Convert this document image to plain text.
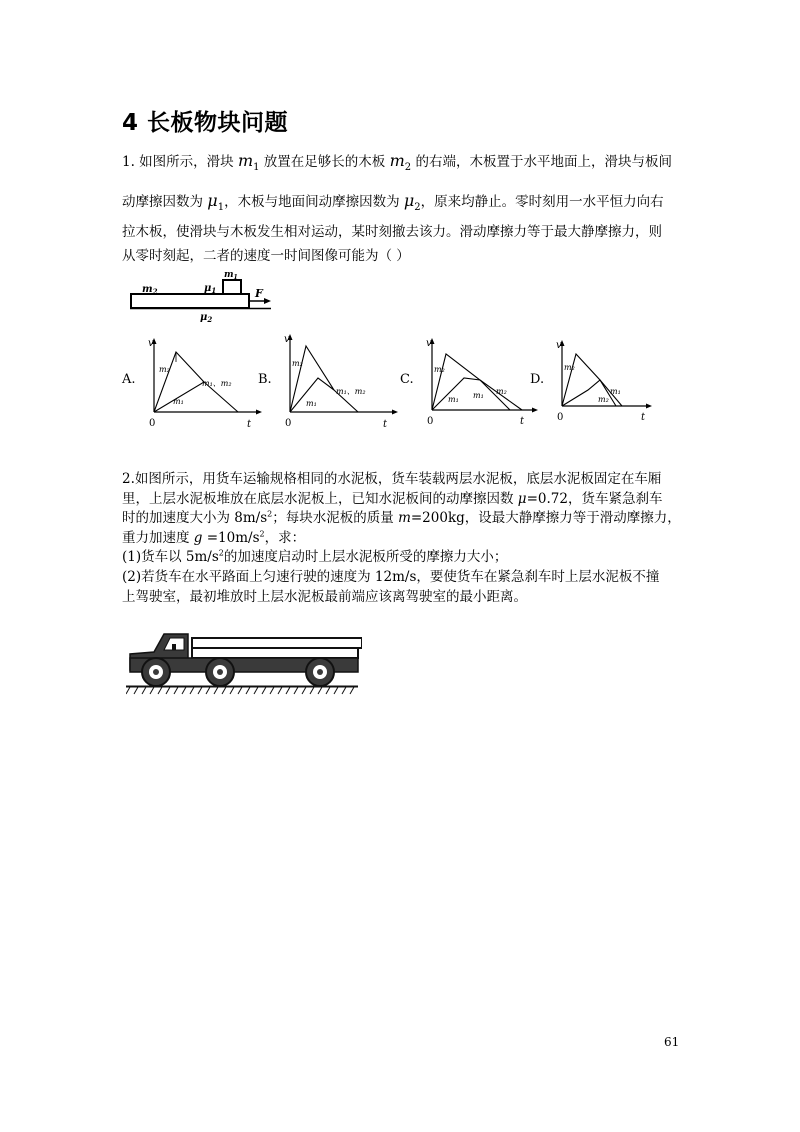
4 长板物块问题
1. 如图所示，滑块 $m_1$ 放置在足够长的木板 $m_2$ 的右端，木板置于水平地面上，滑块与板间
动摩擦因数为 $\mu_1$，木板与地面间动摩擦因数为 $\mu_2$，原来均静止。零时刻用一水平恒力向右
拉木板，使滑块与木板发生相对运动，某时刻撤去该力。滑动摩擦力等于最大静摩擦力，则
从零时刻起，二者的速度一时间图像可能为（ ）
$m_2$
$m_1$
$\mu_1$
$\mu_2$
F
A.
v
t
0
m₂
m₁
m₁、m₂ B.
v
t
0
m₂
m₁
m₁、m₂
C.
v
t
0
m₂
m₁ m₁ m₂
D.
v
t
0
m₂
m₁
m₂

2.如图所示，用货车运输规格相同的水泥板，货车装载两层水泥板，底层水泥板固定在车厢

里，上层水泥板堆放在底层水泥板上，已知水泥板间的动摩擦因数 μ=0.72，货车紧急刹车

时的加速度大小为 $8m/s^2$；每块水泥板的质量 m=200kg，设最大静摩擦力等于滑动摩擦力，

重力加速度 $g =10m/s^2$，求：

(1)货车以 $5m/s^2$的加速度启动时上层水泥板所受的摩擦力大小；

(2)若货车在水平路面上匀速行驶的速度为 12m/s，要使货车在紧急刹车时上层水泥板不撞

上驾驶室，最初堆放时上层水泥板最前端应该离驾驶室的最小距离。

61
